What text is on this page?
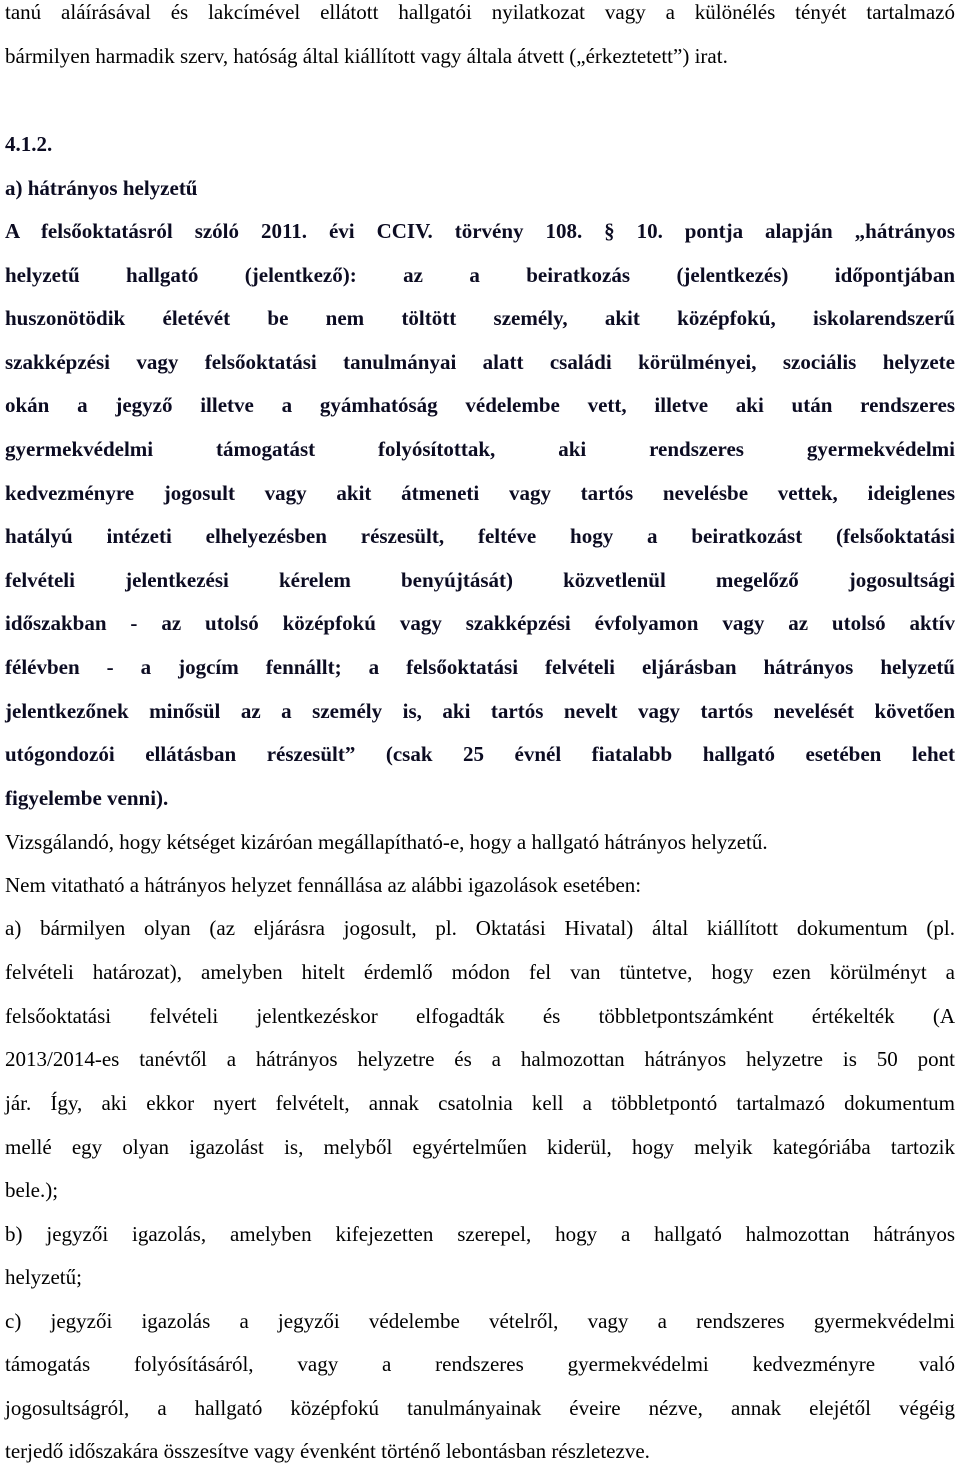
tanú aláírásával és lakcímével ellátott hallgatói nyilatkozat vagy a különélés tényét tartalmazó
bármilyen harmadik szerv, hatóság által kiállított vagy általa átvett („érkeztetett”) irat.
4.1.2.
a) hátrányos helyzetű
A felsőoktatásról szóló 2011. évi CCIV. törvény 108. § 10. pontja alapján „hátrányos
helyzetű hallgató (jelentkező): az a beiratkozás (jelentkezés) időpontjában
huszonötödik életévét be nem töltött személy, akit középfokú, iskolarendszerű
szakképzési vagy felsőoktatási tanulmányai alatt családi körülményei, szociális helyzete
okán a jegyző illetve a gyámhatóság védelembe vett, illetve aki után rendszeres
gyermekvédelmi támogatást folyósítottak, aki rendszeres gyermekvédelmi
kedvezményre jogosult vagy akit átmeneti vagy tartós nevelésbe vettek, ideiglenes
hatályú intézeti elhelyezésben részesült, feltéve hogy a beiratkozást (felsőoktatási
felvételi jelentkezési kérelem benyújtását) közvetlenül megelőző jogosultsági
időszakban - az utolsó középfokú vagy szakképzési évfolyamon vagy az utolsó aktív
félévben - a jogcím fennállt; a felsőoktatási felvételi eljárásban hátrányos helyzetű
jelentkezőnek minősül az a személy is, aki tartós nevelt vagy tartós nevelését követően
utógondozói ellátásban részesült” (csak 25 évnél fiatalabb hallgató esetében lehet
figyelembe venni).
Vizsgálandó, hogy kétséget kizáróan megállapítható-e, hogy a hallgató hátrányos helyzetű.
Nem vitatható a hátrányos helyzet fennállása az alábbi igazolások esetében:
a) bármilyen olyan (az eljárásra jogosult, pl. Oktatási Hivatal) által kiállított dokumentum (pl.
felvételi határozat), amelyben hitelt érdemlő módon fel van tüntetve, hogy ezen körülményt a
felsőoktatási felvételi jelentkezéskor elfogadták és többletpontszámként értékelték (A
2013/2014-es tanévtől a hátrányos helyzetre és a halmozottan hátrányos helyzetre is 50 pont
jár. Így, aki ekkor nyert felvételt, annak csatolnia kell a többletpontó tartalmazó dokumentum
mellé egy olyan igazolást is, melyből egyértelműen kiderül, hogy melyik kategóriába tartozik
bele.);
b) jegyzői igazolás, amelyben kifejezetten szerepel, hogy a hallgató halmozottan hátrányos
helyzetű;
c) jegyzői igazolás a jegyzői védelembe vételről, vagy a rendszeres gyermekvédelmi
támogatás folyósításáról, vagy a rendszeres gyermekvédelmi kedvezményre való
jogosultságról, a hallgató középfokú tanulmányainak éveire nézve, annak elejétől végéig
terjedő időszakára összesítve vagy évenként történő lebontásban részletezve.
